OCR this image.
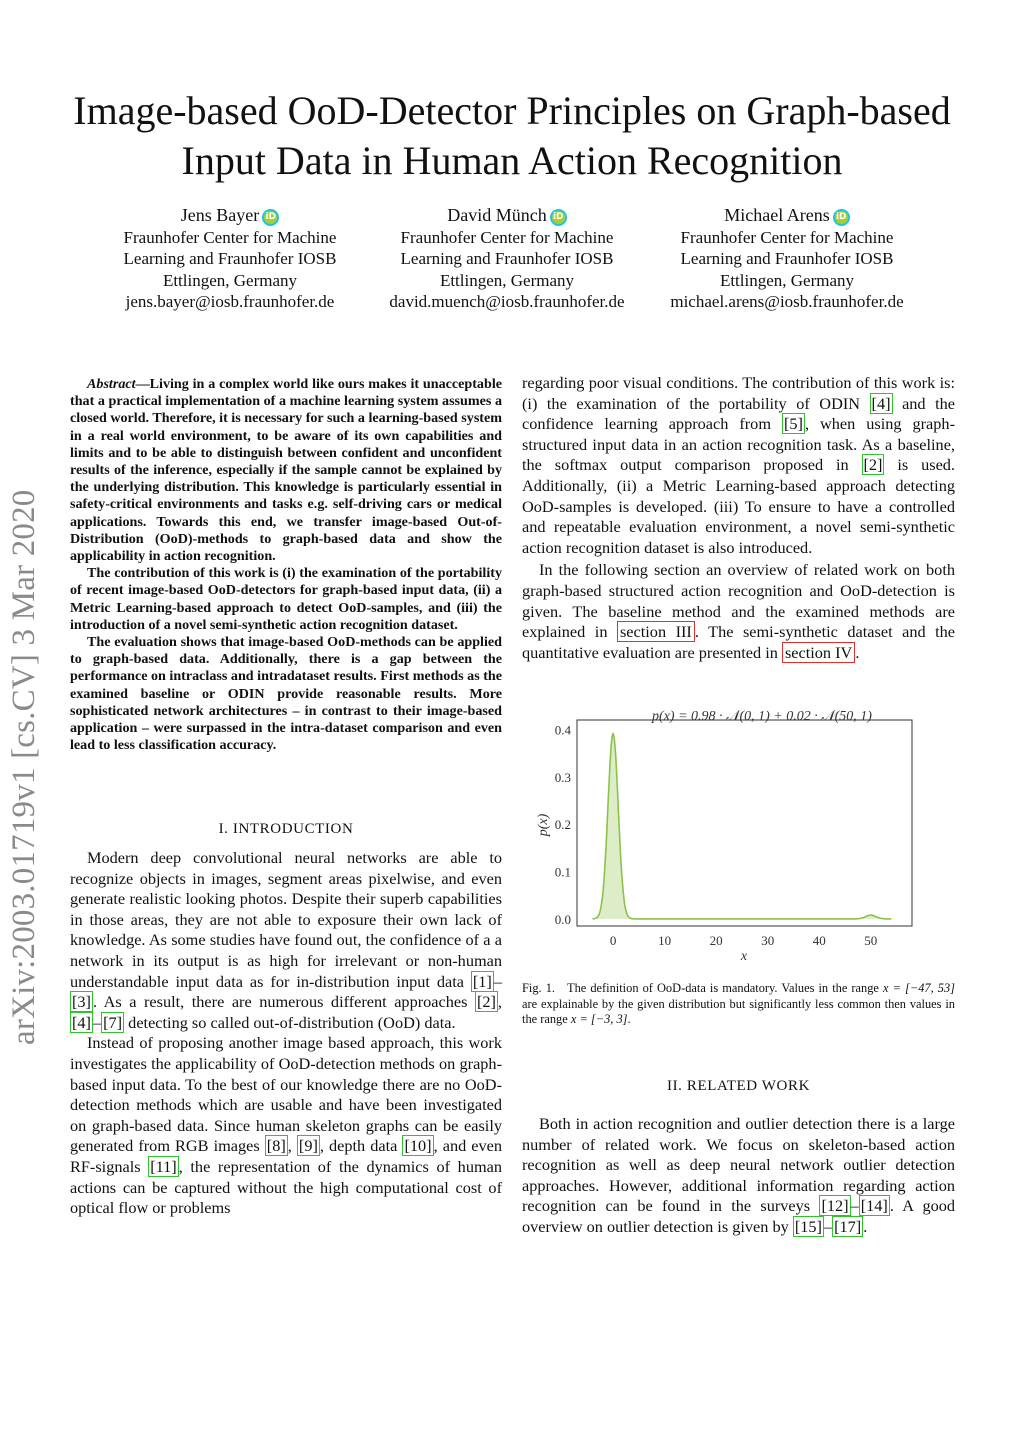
arXiv:2003.01719v1 [cs.CV] 3 Mar 2020
Image-based OoD-Detector Principles on Graph-based Input Data in Human Action Recognition
Jens Bayer iD
Fraunhofer Center for Machine
Learning and Fraunhofer IOSB
Ettlingen, Germany
jens.bayer@iosb.fraunhofer.de
David Münch iD
Fraunhofer Center for Machine
Learning and Fraunhofer IOSB
Ettlingen, Germany
david.muench@iosb.fraunhofer.de
Michael Arens iD
Fraunhofer Center for Machine
Learning and Fraunhofer IOSB
Ettlingen, Germany
michael.arens@iosb.fraunhofer.de

Abstract—Living in a complex world like ours makes it unacceptable that a practical implementation of a machine learning system assumes a closed world. Therefore, it is necessary for such a learning-based system in a real world environment, to be aware of its own capabilities and limits and to be able to distinguish between confident and unconfident results of the inference, especially if the sample cannot be explained by the underlying distribution. This knowledge is particularly essential in safety-critical environments and tasks e.g. self-driving cars or medical applications. Towards this end, we transfer image-based Out-of-Distribution (OoD)-methods to graph-based data and show the applicability in action recognition.

The contribution of this work is (i) the examination of the portability of recent image-based OoD-detectors for graph-based input data, (ii) a Metric Learning-based approach to detect OoD-samples, and (iii) the introduction of a novel semi-synthetic action recognition dataset.

The evaluation shows that image-based OoD-methods can be applied to graph-based data. Additionally, there is a gap between the performance on intraclass and intradataset results. First methods as the examined baseline or ODIN provide reasonable results. More sophisticated network architectures – in contrast to their image-based application – were surpassed in the intra-dataset comparison and even lead to less classification accuracy.

I. INTRODUCTION

Modern deep convolutional neural networks are able to recognize objects in images, segment areas pixelwise, and even generate realistic looking photos. Despite their superb capabilities in those areas, they are not able to exposure their own lack of knowledge. As some studies have found out, the confidence of a a network in its output is as high for irrelevant or non-human understandable input data as for in-distribution input data [1] –[3] . As a result, there are numerous different approaches [2] , [4] – [7] detecting so called out-of-distribution (OoD) data.

Instead of proposing another image based approach, this work investigates the applicability of OoD-detection methods on graph-based input data. To the best of our knowledge there are no OoD-detection methods which are usable and have been investigated on graph-based data. Since human skeleton graphs can be easily generated from RGB images [8] , [9] , depth data [10] , and even RF-signals [11] , the representation of the dynamics of human actions can be captured without the high computational cost of optical flow or problems

regarding poor visual conditions. The contribution of this work is: (i) the examination of the portability of ODIN [4] and the confidence learning approach from [5] , when using graph-structured input data in an action recognition task. As a baseline, the softmax output comparison proposed in [2] is used. Additionally, (ii) a Metric Learning-based approach detecting OoD-samples is developed. (iii) To ensure to have a controlled and repeatable evaluation environment, a novel semi-synthetic action recognition dataset is also introduced.

In the following section an overview of related work on both graph-based structured action recognition and OoD-detection is given. The baseline method and the examined methods are explained in section III . The semi-synthetic dataset and the quantitative evaluation are presented in section IV .

p(x) = 0.98 · 𝒩(0, 1) + 0.02 · 𝒩(50, 1)
0	10	20	30	40	50
0.0
0.1
0.2
0.3
0.4
x
p(x)
Fig. 1. The definition of OoD-data is mandatory. Values in the range x = [−47, 53] are explainable by the given distribution but significantly less common then values in the range x = [−3, 3].
II. RELATED WORK

Both in action recognition and outlier detection there is a large number of related work. We focus on skeleton-based action recognition as well as deep neural network outlier detection approaches. However, additional information regarding action recognition can be found in the surveys [12] – [14] . A good overview on outlier detection is given by [15] – [17] .
